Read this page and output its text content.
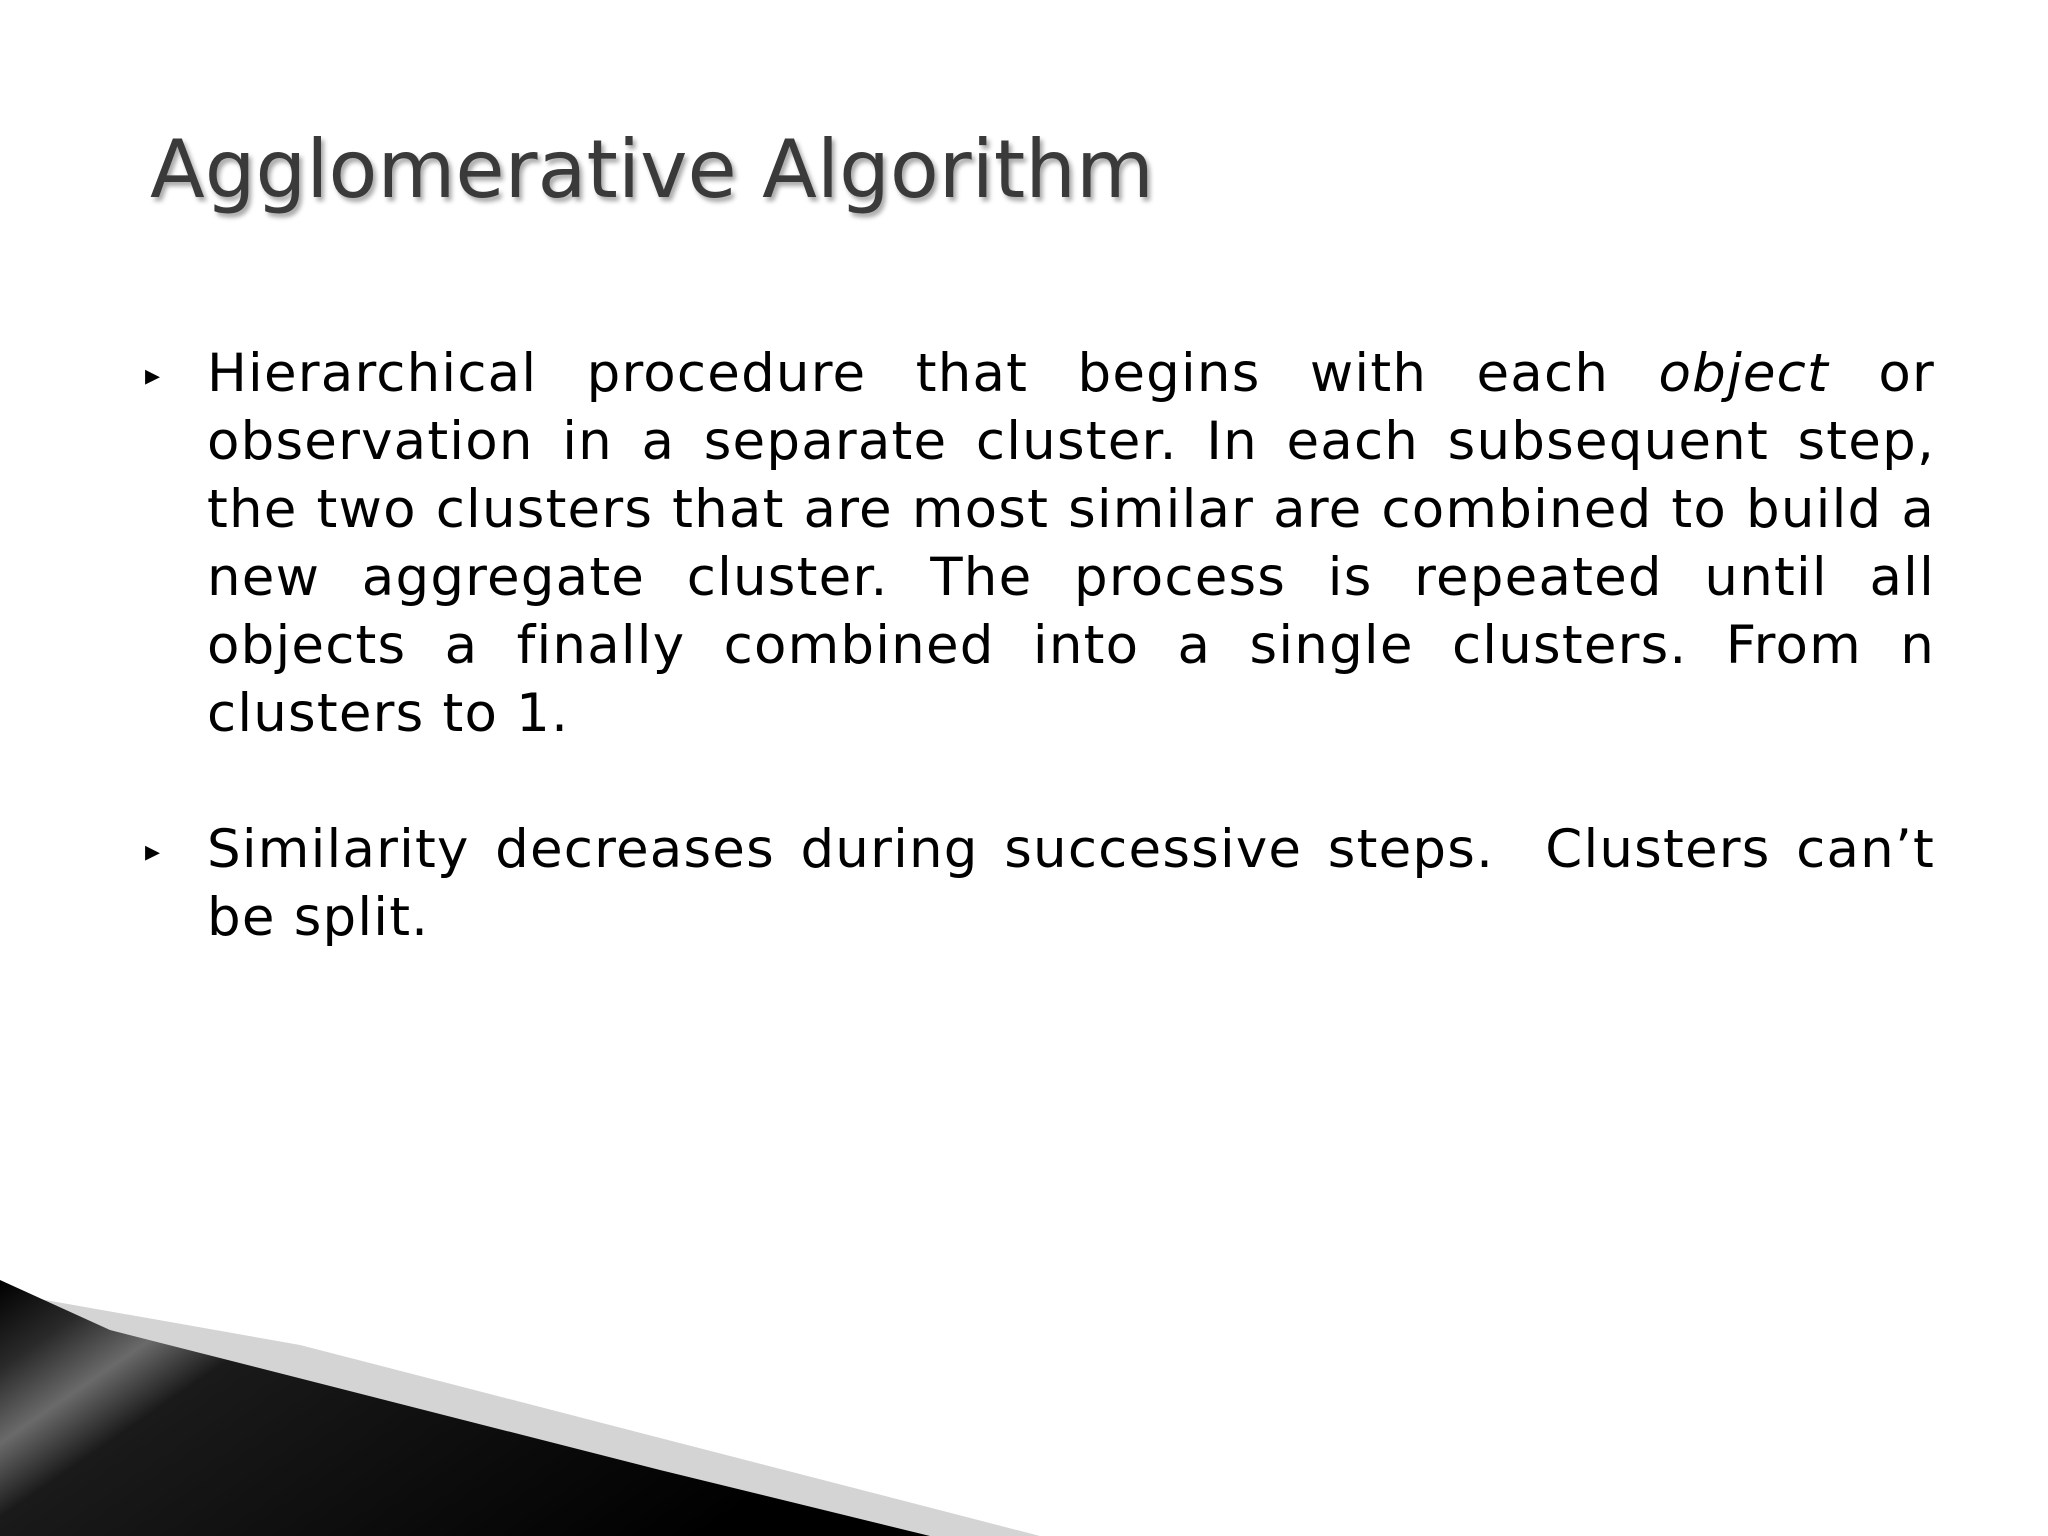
Agglomerative Algorithm

▸ Hierarchical procedure that begins with each object or observation in a separate cluster. In each subsequent step, the two clusters that are most similar are combined to build a new aggregate cluster. The process is repeated until all objects a finally combined into a single clusters. From n clusters to 1.

▸ Similarity decreases during successive steps.  Clusters can’t be split.
